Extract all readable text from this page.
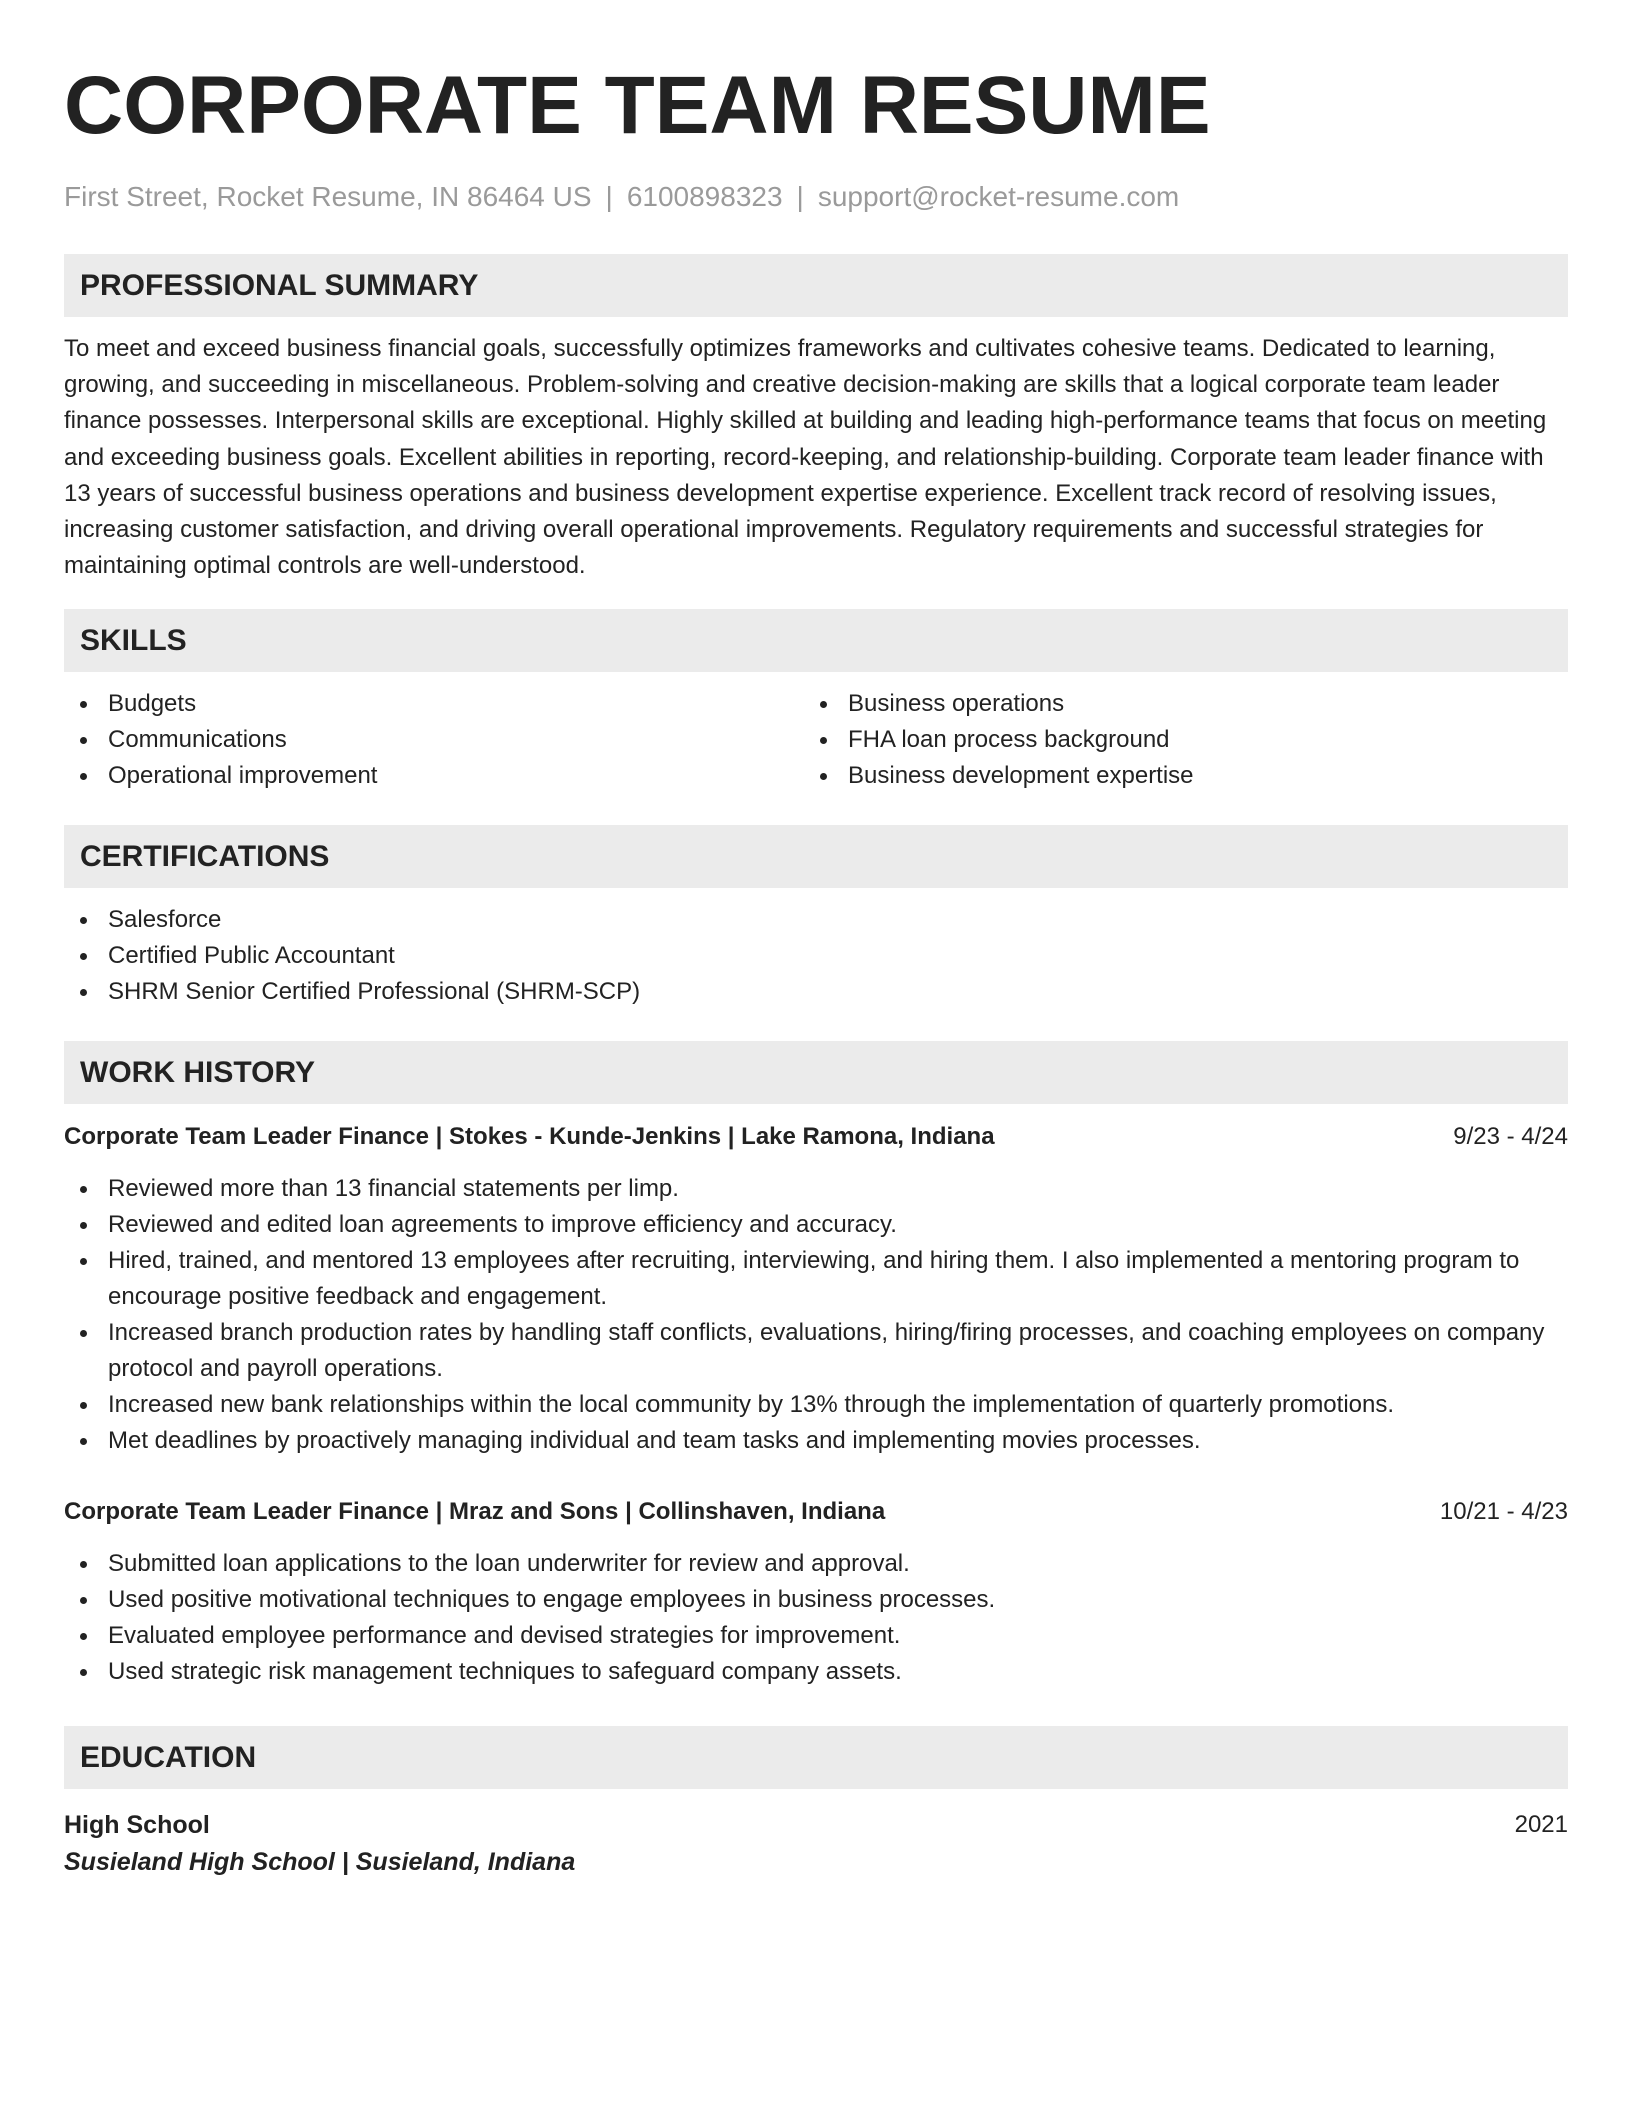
CORPORATE TEAM RESUME
First Street, Rocket Resume, IN 86464 US | 6100898323 | support@rocket-resume.com
PROFESSIONAL SUMMARY

To meet and exceed business financial goals, successfully optimizes frameworks and cultivates cohesive teams. Dedicated to learning, growing, and succeeding in miscellaneous. Problem-solving and creative decision-making are skills that a logical corporate team leader finance possesses. Interpersonal skills are exceptional. Highly skilled at building and leading high-performance teams that focus on meeting and exceeding business goals. Excellent abilities in reporting, record-keeping, and relationship-building. Corporate team leader finance with 13 years of successful business operations and business development expertise experience. Excellent track record of resolving issues, increasing customer satisfaction, and driving overall operational improvements. Regulatory requirements and successful strategies for maintaining optimal controls are well-understood.

SKILLS
Budgets
Communications
Operational improvement
Business operations
FHA loan process background
Business development expertise
CERTIFICATIONS
Salesforce
Certified Public Accountant
SHRM Senior Certified Professional (SHRM-SCP)
WORK HISTORY
Corporate Team Leader Finance | Stokes - Kunde-Jenkins | Lake Ramona, Indiana	9/23 - 4/24
Reviewed more than 13 financial statements per limp.
Reviewed and edited loan agreements to improve efficiency and accuracy.
Hired, trained, and mentored 13 employees after recruiting, interviewing, and hiring them. I also implemented a mentoring program to encourage positive feedback and engagement.
Increased branch production rates by handling staff conflicts, evaluations, hiring/firing processes, and coaching employees on company protocol and payroll operations.
Increased new bank relationships within the local community by 13% through the implementation of quarterly promotions.
Met deadlines by proactively managing individual and team tasks and implementing movies processes.
Corporate Team Leader Finance | Mraz and Sons | Collinshaven, Indiana	10/21 - 4/23
Submitted loan applications to the loan underwriter for review and approval.
Used positive motivational techniques to engage employees in business processes.
Evaluated employee performance and devised strategies for improvement.
Used strategic risk management techniques to safeguard company assets.
EDUCATION
High School	2021
Susieland High School | Susieland, Indiana
